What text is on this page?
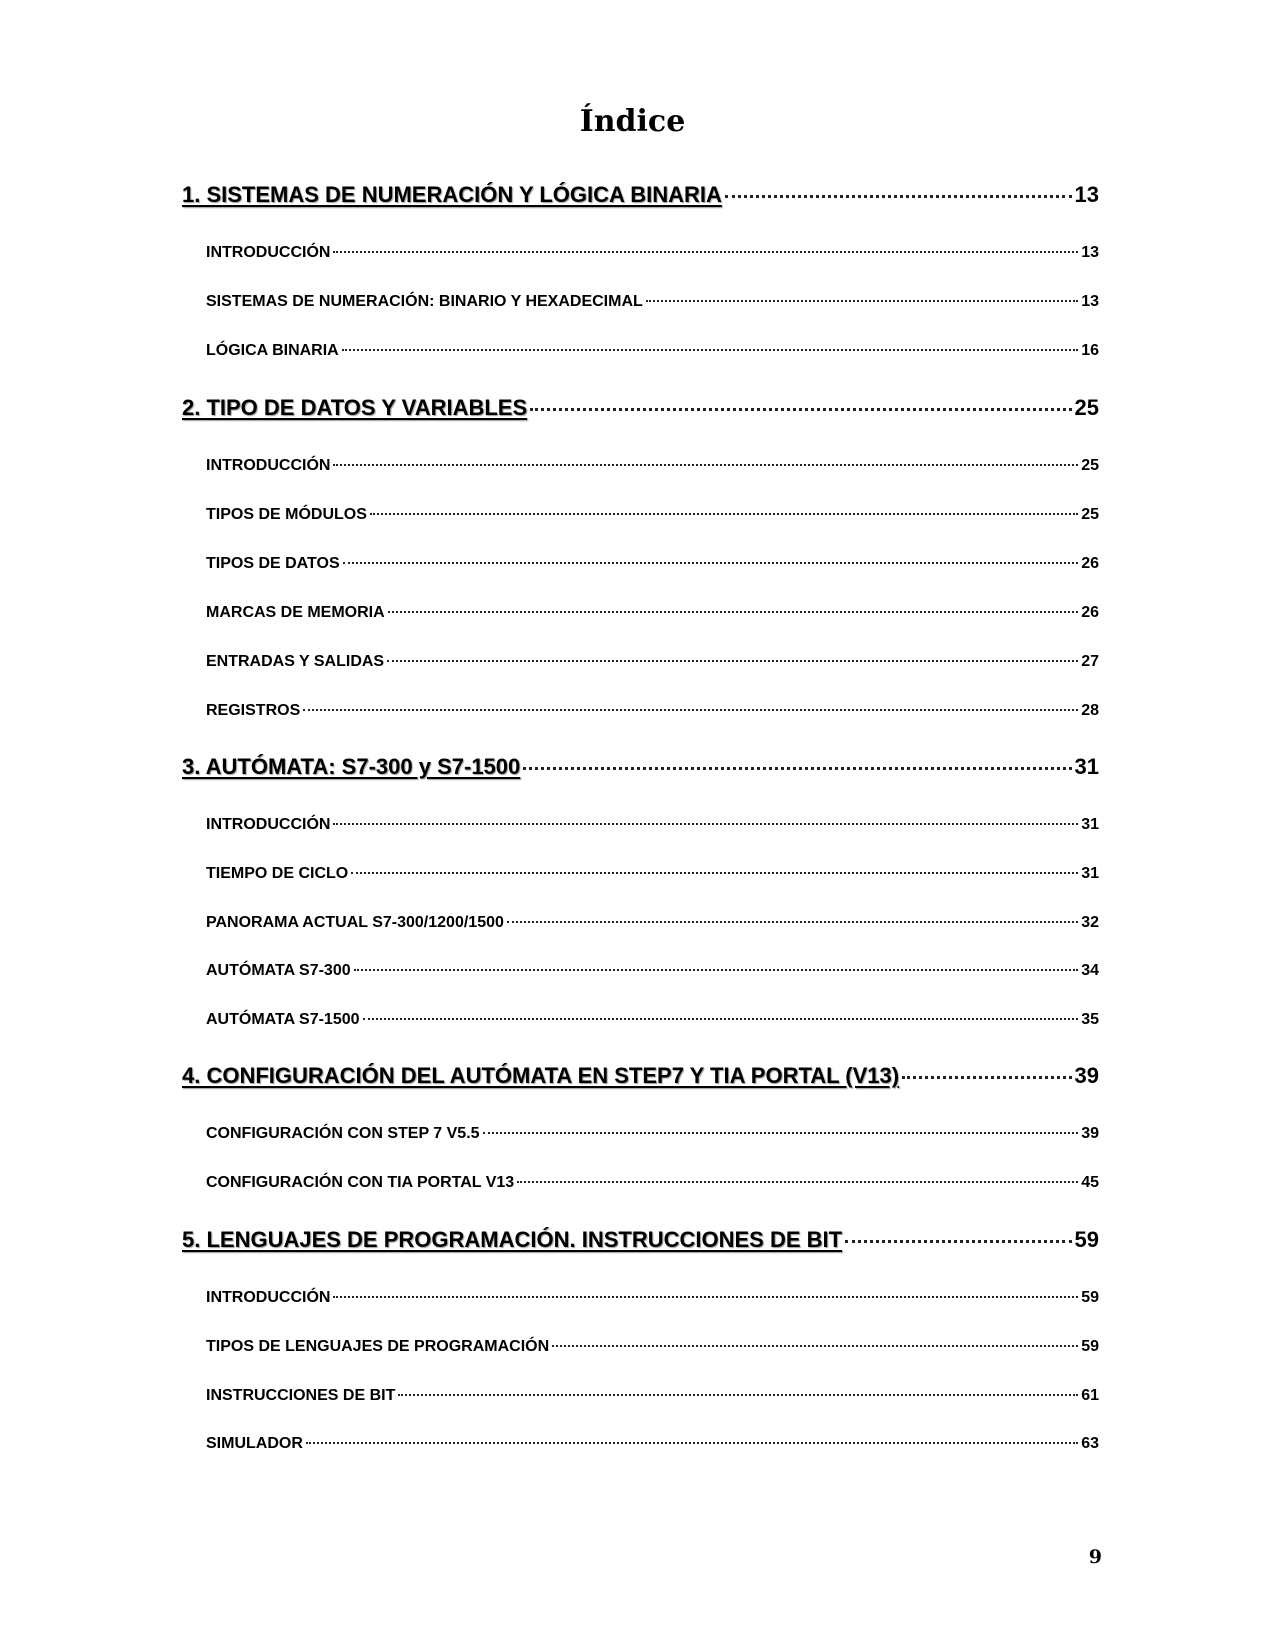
Índice
1. SISTEMAS DE NUMERACIÓN Y LÓGICA BINARIA	13
INTRODUCCIÓN	13
SISTEMAS DE NUMERACIÓN: BINARIO Y HEXADECIMAL	13
LÓGICA BINARIA	16
2. TIPO DE DATOS Y VARIABLES	25
INTRODUCCIÓN	25
TIPOS DE MÓDULOS	25
TIPOS DE DATOS	26
MARCAS DE MEMORIA	26
ENTRADAS Y SALIDAS	27
REGISTROS	28
3. AUTÓMATA: S7-300 y S7-1500	31
INTRODUCCIÓN	31
TIEMPO DE CICLO	31
PANORAMA ACTUAL S7-300/1200/1500	32
AUTÓMATA S7-300	34
AUTÓMATA S7-1500	35
4. CONFIGURACIÓN DEL AUTÓMATA EN STEP7 Y TIA PORTAL (V13)	39
CONFIGURACIÓN CON STEP 7 V5.5	39
CONFIGURACIÓN CON TIA PORTAL V13	45
5. LENGUAJES DE PROGRAMACIÓN. INSTRUCCIONES DE BIT	59
INTRODUCCIÓN	59
TIPOS DE LENGUAJES DE PROGRAMACIÓN	59
INSTRUCCIONES DE BIT	61
SIMULADOR	63
9
